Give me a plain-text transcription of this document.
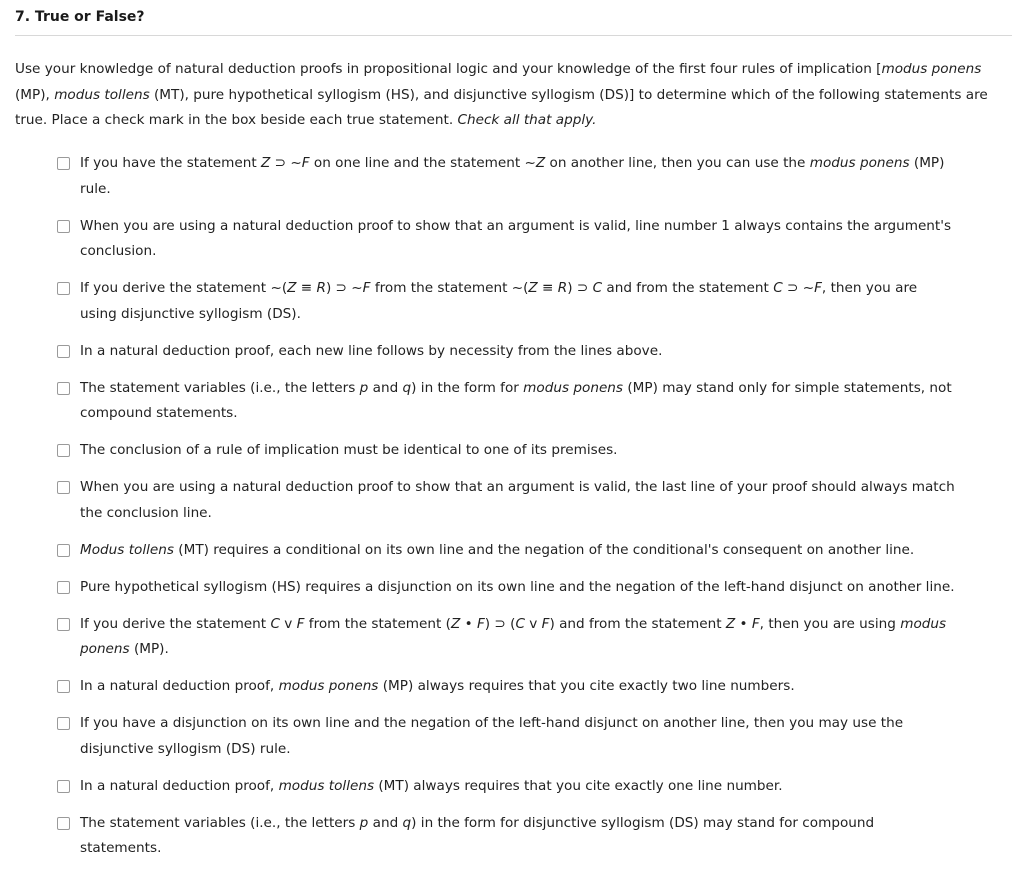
7. True or False?

Use your knowledge of natural deduction proofs in propositional logic and your knowledge of the first four rules of implication [modus ponens (MP), modus tollens (MT), pure hypothetical syllogism (HS), and disjunctive syllogism (DS)] to determine which of the following statements are true. Place a check mark in the box beside each true statement. Check all that apply.

If you have the statement Z ⊃ ~F on one line and the statement ~Z on another line, then you can use the modus ponens (MP) rule.
When you are using a natural deduction proof to show that an argument is valid, line number 1 always contains the argument's conclusion.
If you derive the statement ~(Z ≡ R) ⊃ ~F from the statement ~(Z ≡ R) ⊃ C and from the statement C ⊃ ~F, then you are using disjunctive syllogism (DS).
In a natural deduction proof, each new line follows by necessity from the lines above.
The statement variables (i.e., the letters p and q) in the form for modus ponens (MP) may stand only for simple statements, not compound statements.
The conclusion of a rule of implication must be identical to one of its premises.
When you are using a natural deduction proof to show that an argument is valid, the last line of your proof should always match the conclusion line.
Modus tollens (MT) requires a conditional on its own line and the negation of the conditional's consequent on another line.
Pure hypothetical syllogism (HS) requires a disjunction on its own line and the negation of the left-hand disjunct on another line.
If you derive the statement C v F from the statement (Z • F) ⊃ (C v F) and from the statement Z • F, then you are using modus ponens (MP).
In a natural deduction proof, modus ponens (MP) always requires that you cite exactly two line numbers.
If you have a disjunction on its own line and the negation of the left-hand disjunct on another line, then you may use the disjunctive syllogism (DS) rule.
In a natural deduction proof, modus tollens (MT) always requires that you cite exactly one line number.
The statement variables (i.e., the letters p and q) in the form for disjunctive syllogism (DS) may stand for compound statements.
